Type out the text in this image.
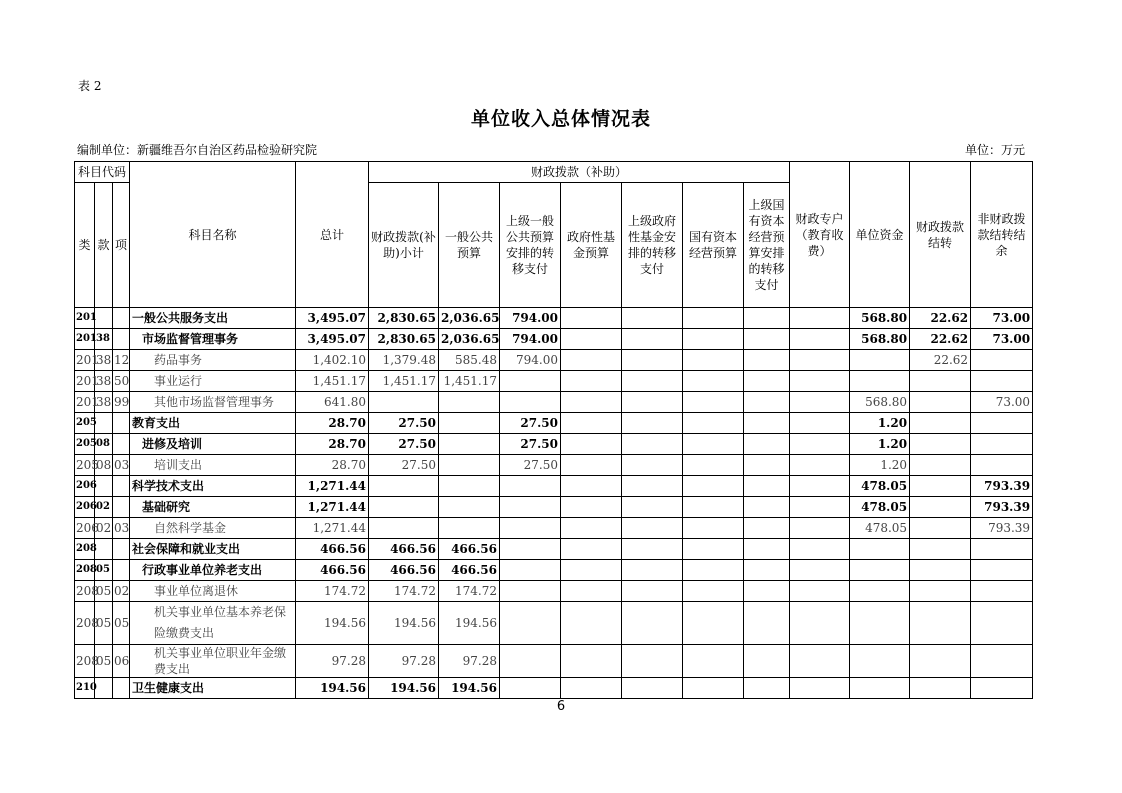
表 2
单位收入总体情况表
编制单位：新疆维吾尔自治区药品检验研究院	单位：万元
科目代码			科目名称	总计	财政拨款（补助）							财政专户（教育收费）	单位资金	财政拨款结转	非财政拨款结转结余
类	款	项			财政拨款(补助)小计	一般公共预算	上级一般公共预算安排的转移支付	政府性基金预算	上级政府性基金安排的转移支付	国有资本经营预算	上级国有资本经营预算安排的转移支付				
201			一般公共服务支出	3,495.07	2,830.65	2,036.65	794.00						568.80	22.62	73.00
201	38		市场监督管理事务	3,495.07	2,830.65	2,036.65	794.00						568.80	22.62	73.00
201	38	12	药品事务	1,402.10	1,379.48	585.48	794.00							22.62	
201	38	50	事业运行	1,451.17	1,451.17	1,451.17									
201	38	99	其他市场监督管理事务	641.80									568.80		73.00
205			教育支出	28.70	27.50		27.50						1.20		
205	08		进修及培训	28.70	27.50		27.50						1.20		
205	08	03	培训支出	28.70	27.50		27.50						1.20		
206			科学技术支出	1,271.44									478.05		793.39
206	02		基础研究	1,271.44									478.05		793.39
206	02	03	自然科学基金	1,271.44									478.05		793.39
208			社会保障和就业支出	466.56	466.56	466.56									
208	05		行政事业单位养老支出	466.56	466.56	466.56									
208	05	02	事业单位离退休	174.72	174.72	174.72									
208	05	05	机关事业单位基本养老保险缴费支出	194.56	194.56	194.56									
208	05	06	机关事业单位职业年金缴费支出	97.28	97.28	97.28									
210			卫生健康支出	194.56	194.56	194.56									
6
